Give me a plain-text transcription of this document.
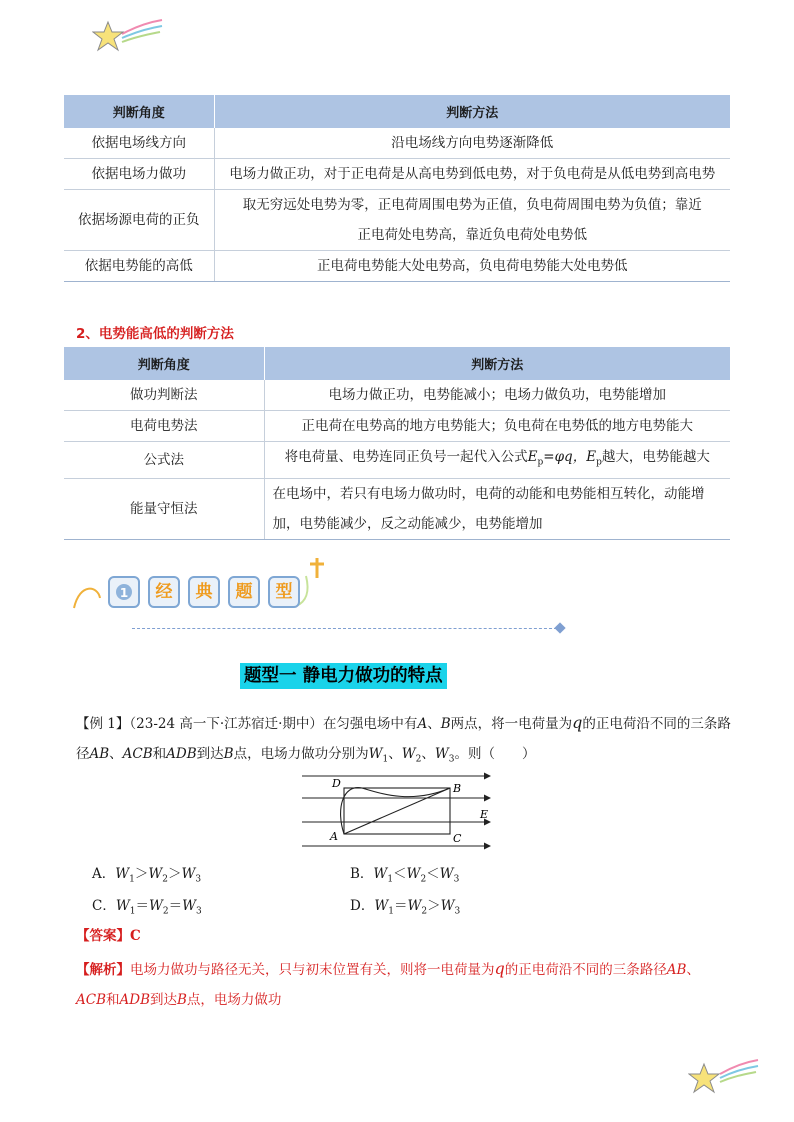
判断角度	判断方法
依据电场线方向	沿电场线方向电势逐渐降低
依据电场力做功	电场力做正功，对于正电荷是从高电势到低电势，对于负电荷是从低电势到高电势
依据场源电荷的正负	取无穷远处电势为零，正电荷周围电势为正值，负电荷周围电势为负值；靠近正电荷处电势高，靠近负电荷处电势低
依据电势能的高低	正电荷电势能大处电势高，负电荷电势能大处电势低
2、电势能高低的判断方法
判断角度	判断方法
做功判断法	电场力做正功，电势能减小；电场力做负功，电势能增加
电荷电势法	正电荷在电势高的地方电势能大；负电荷在电势低的地方电势能大
公式法	将电荷量、电势连同正负号一起代入公式$E_p=\varphi q$，$E_p$越大，电势能越大
能量守恒法	在电场中，若只有电场力做功时，电荷的动能和电势能相互转化，动能增加，电势能减少，反之动能减少，电势能增加
1	经	典	题	型
题型一 静电力做功的特点
【例 1】（23-24 高一下·江苏宿迁·期中）在匀强电场中有A、B两点，将一电荷量为q的正电荷沿不同的三条路径AB、ACB和ADB到达B点，电场力做功分别为$W_1$、$W_2$、$W_3$。则（　　）
D	B
E
A	C
A．$W_1>W_2>W_3$	B．$W_1<W_2<W_3$
C．$W_1=W_2=W_3$	D．$W_1=W_2>W_3$
【答案】C
【解析】电场力做功与路径无关，只与初末位置有关，则将一电荷量为q的正电荷沿不同的三条路径AB、
ACB和ADB到达B点，电场力做功
